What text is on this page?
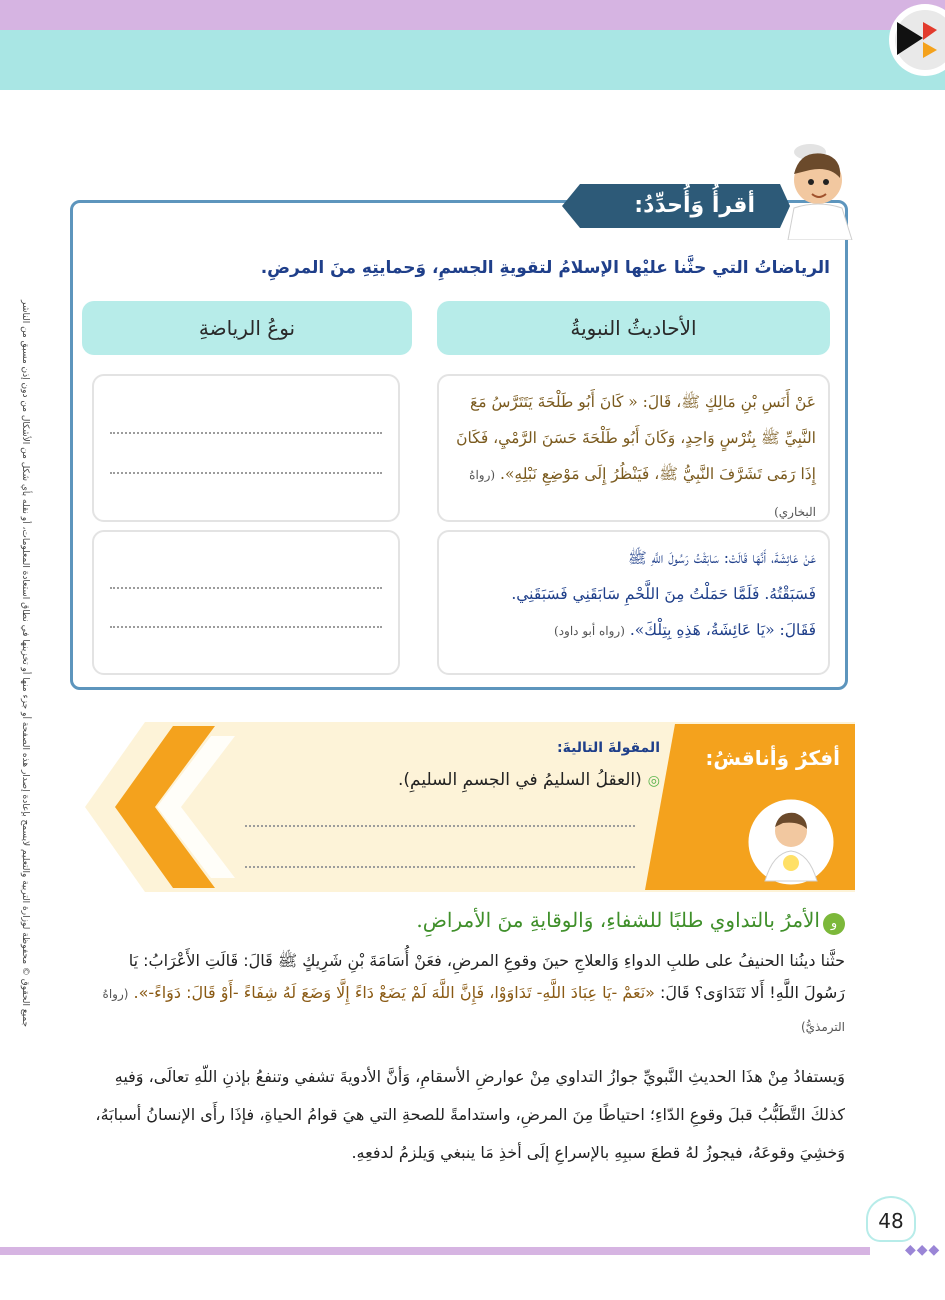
جميع الحقوق © محفوظة لوزارة التربية والتعليم لايسمح بإعادة إصدار هذه الصفحة أو جزء منها أو تخزينها في نطاق استعادة المعلومات، أو نقله بأي شكل من الأشكال من دون إذن مسبق من الناشر
أقرأُ وَأُحدِّدُ:
الرياضاتُ التي حثَّنا عليْها الإسلامُ لتقويةِ الجسمِ، وَحمايتِهِ منَ المرضِ.
الأحاديثُ النبويةُ
نوعُ الرياضةِ
عَنْ أَنَسِ بْنِ مَالِكٍ ﷺ، قَالَ: « كَانَ أَبُو طَلْحَةَ يَتَتَرَّسُ مَعَ النَّبِيِّ ﷺ بِتُرْسٍ وَاحِدٍ، وَكَانَ أَبُو طَلْحَةَ حَسَنَ الرَّمْيِ، فَكَانَ إِذَا رَمَى تَشَرَّفَ النَّبِيُّ ﷺ، فَيَنْظُرُ إِلَى مَوْضِعِ نَبْلِهِ». (رواهُ البخاري)
عَنْ عَائِشَةَ، أَنَّهَا قَالَتْ: سَابَقْتُ رَسُولَ اللَّهِ ﷺ
فَسَبَقْتُهُ. فَلَمَّا حَمَلْتُ مِنَ اللَّحْمِ سَابَقَنِي فَسَبَقَنِي.
فَقَالَ: «يَا عَائِشَةُ، هَذِهِ بِتِلْكَ». (رواه أبو داود)
أفكرُ وَأناقشُ:
المقولةَ التاليةَ:
◎(العقلُ السليمُ في الجسمِ السليمِ).
و
الأمرُ بالتداوي طلبًا للشفاءِ، وَالوقايةِ منَ الأمراضِ.
حثَّنا دينُنا الحنيفُ على طلبِ الدواءِ وَالعلاجِ حينَ وقوعِ المرضِ، فعَنْ أُسَامَةَ بْنِ شَرِيكٍ ﷺ قَالَ: قَالَتِ الأَعْرَابُ: يَا رَسُولَ اللَّهِ! أَلا نَتَدَاوَى؟ قَالَ: «نَعَمْ -يَا عِبَادَ اللَّهِ- تَدَاوَوْا، فَإِنَّ اللَّهَ لَمْ يَضَعْ دَاءً إِلَّا وَضَعَ لَهُ شِفَاءً -أَوْ قَالَ: دَوَاءً-». (رواهُ الترمذيُّ)
وَيستفادُ مِنْ هذَا الحديثِ النَّبويِّ جوازُ التداوي مِنْ عوارضِ الأسقامِ، وَأنَّ الأدويةَ تشفي وتنفعُ بإذنِ اللّهِ تعالَى، وَفيهِ كذلكَ التَّطَبُّبُ قبلَ وقوعِ الدّاءِ؛ احتياطًا مِنَ المرضِ، واستدامةً للصحةِ التي هيَ قوامُ الحياةِ، فإذَا رأَى الإنسانُ أسبابَهُ، وَخشِيَ وقوعَهُ، فيجوزُ لهُ قطعَ سببِهِ بالإسراعِ إلَى أخذِ مَا ينبغي وَيلزمُ لدفعِهِ.
48
◆◆◆
